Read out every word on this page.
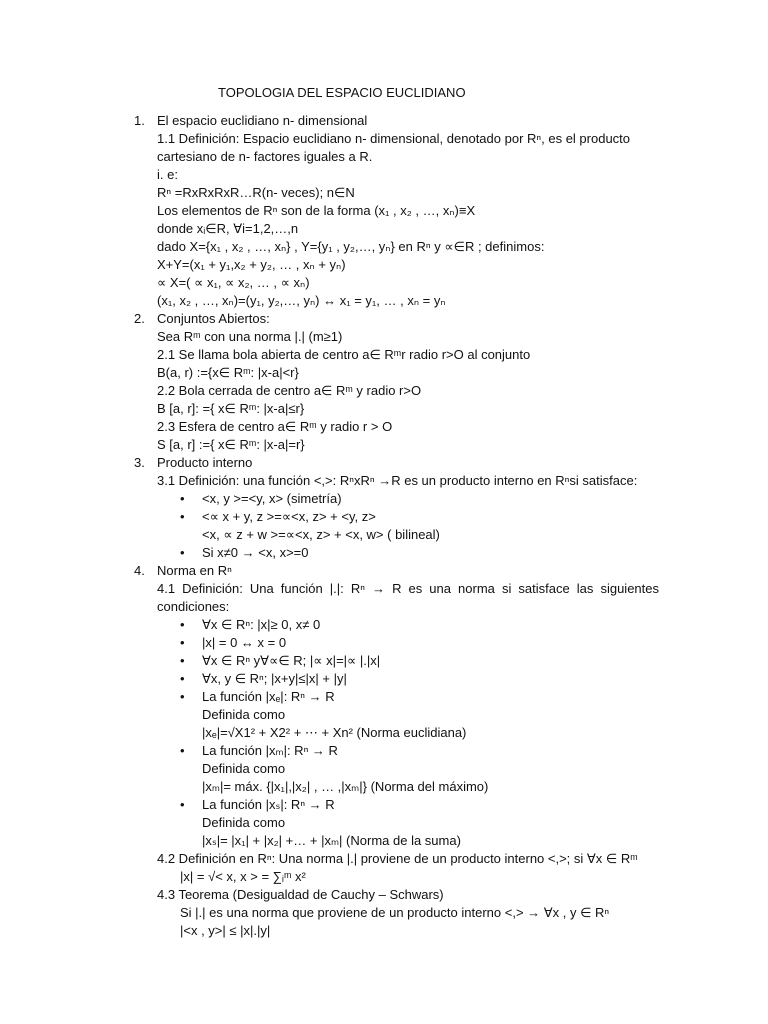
TOPOLOGIA DEL ESPACIO EUCLIDIANO
1. El espacio euclidiano n- dimensional
1.1 Definición: Espacio euclidiano n- dimensional, denotado por Rⁿ, es el producto
cartesiano de n- factores iguales a R.
i. e:
Rⁿ =RxRxRxR…R(n- veces); n∈N
Los elementos de Rⁿ son de la forma (x₁ , x₂ , …, xₙ)≡X
donde xᵢ∈R, ∀i=1,2,…,n
dado X={x₁ , x₂ , …, xₙ} , Y={y₁ , y₂,…, yₙ} en Rⁿ y ∝∈R ; definimos:
X+Y=(x₁ + y₁,x₂ + y₂, … , xₙ + yₙ)
∝ X=( ∝ x₁, ∝ x₂, … , ∝ xₙ)
(x₁, x₂ , …, xₙ)=(y₁, y₂,…, yₙ) ↔ x₁ = y₁, … , xₙ = yₙ
2. Conjuntos Abiertos:
Sea Rᵐ con una norma |.| (m≥1)
2.1 Se llama bola abierta de centro a∈ Rᵐr radio r>O al conjunto
B(a, r) :={x∈ Rᵐ: |x-a|<r}
2.2 Bola cerrada de centro a∈ Rᵐ y radio r>O
B [a, r]: ={ x∈ Rᵐ: |x-a|≤r}
2.3 Esfera de centro a∈ Rᵐ y radio r > O
S [a, r] :={ x∈ Rᵐ: |x-a|=r}
3. Producto interno
3.1 Definición: una función <,>: RⁿxRⁿ →R es un producto interno en Rⁿsi satisface:
• <x, y >=<y, x> (simetría)
• <∝ x + y, z >=∝<x, z> + <y, z>
<x, ∝ z + w >=∝<x, z> + <x, w> ( bilineal)
• Si x≠0 → <x, x>=0
4. Norma en Rⁿ
4.1 Definición: Una función |.|: Rⁿ → R es una norma si satisface las siguientes condiciones:
• ∀x ∈ Rⁿ: |x|≥ 0, x≠ 0
• |x| = 0 ↔ x = 0
• ∀x ∈ Rⁿ y∀∝∈ R; |∝ x|=|∝ |.|x|
• ∀x, y ∈ Rⁿ; |x+y|≤|x| + |y|
• La función |xₑ|: Rⁿ → R
Definida como
|xₑ|=√X1² + X2² + ⋯ + Xn² (Norma euclidiana)
• La función |xₘ|: Rⁿ → R
Definida como
|xₘ|= máx. {|x₁|,|x₂| , … ,|xₘ|} (Norma del máximo)
• La función |xₛ|: Rⁿ → R
Definida como
|xₛ|= |x₁| + |x₂| +… + |xₘ| (Norma de la suma)
4.2 Definición en Rⁿ: Una norma |.| proviene de un producto interno <,>; si ∀x ∈ Rᵐ
|x| = √< x, x > = ∑ᵢᵐ x²
4.3 Teorema (Desigualdad de Cauchy – Schwars)
Si |.| es una norma que proviene de un producto interno <,> → ∀x , y ∈ Rⁿ
|<x , y>| ≤ |x|.|y|
